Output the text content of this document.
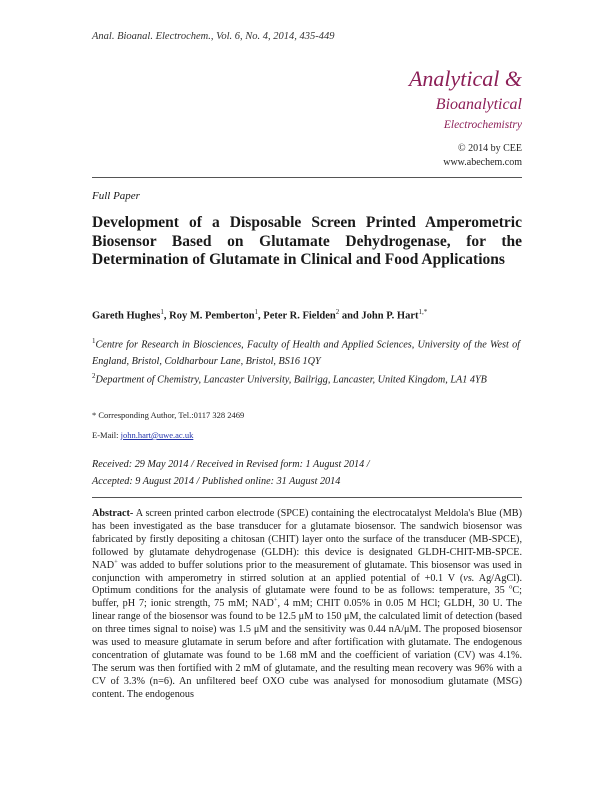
Anal. Bioanal. Electrochem., Vol. 6, No. 4, 2014, 435-449
Analytical &
Bioanalytical
Electrochemistry
© 2014 by CEE
www.abechem.com
Full Paper
Development of a Disposable Screen Printed Amperometric Biosensor Based on Glutamate Dehydrogenase, for the Determination of Glutamate in Clinical and Food Applications
Gareth Hughes$^1$, Roy M. Pemberton$^1$, Peter R. Fielden$^2$ and John P. Hart$^{1,*}$
$^1$Centre for Research in Biosciences, Faculty of Health and Applied Sciences, University of the West of England, Bristol, Coldharbour Lane, Bristol, BS16 1QY
$^2$Department of Chemistry, Lancaster University, Bailrigg, Lancaster, United Kingdom, LA1 4YB
* Corresponding Author, Tel.:0117 328 2469
E-Mail: john.hart@uwe.ac.uk
Received: 29 May 2014 / Received in Revised form: 1 August 2014 /
Accepted: 9 August 2014 / Published online: 31 August 2014
Abstract- A screen printed carbon electrode (SPCE) containing the electrocatalyst Meldola's Blue (MB) has been investigated as the base transducer for a glutamate biosensor. The sandwich biosensor was fabricated by firstly depositing a chitosan (CHIT) layer onto the surface of the transducer (MB-SPCE), followed by glutamate dehydrogenase (GLDH): this device is designated GLDH-CHIT-MB-SPCE. NAD+ was added to buffer solutions prior to the measurement of glutamate. This biosensor was used in conjunction with amperometry in stirred solution at an applied potential of +0.1 V (vs. Ag/AgCl). Optimum conditions for the analysis of glutamate were found to be as follows: temperature, 35 $^o$C; buffer, pH 7; ionic strength, 75 mM; NAD+, 4 mM; CHIT 0.05% in 0.05 M HCl; GLDH, 30 U. The linear range of the biosensor was found to be 12.5 μM to 150 μM, the calculated limit of detection (based on three times signal to noise) was 1.5 μM and the sensitivity was 0.44 nA/μM. The proposed biosensor was used to measure glutamate in serum before and after fortification with glutamate. The endogenous concentration of glutamate was found to be 1.68 mM and the coefficient of variation (CV) was 4.1%. The serum was then fortified with 2 mM of glutamate, and the resulting mean recovery was 96% with a CV of 3.3% (n=6). An unfiltered beef OXO cube was analysed for monosodium glutamate (MSG) content. The endogenous
